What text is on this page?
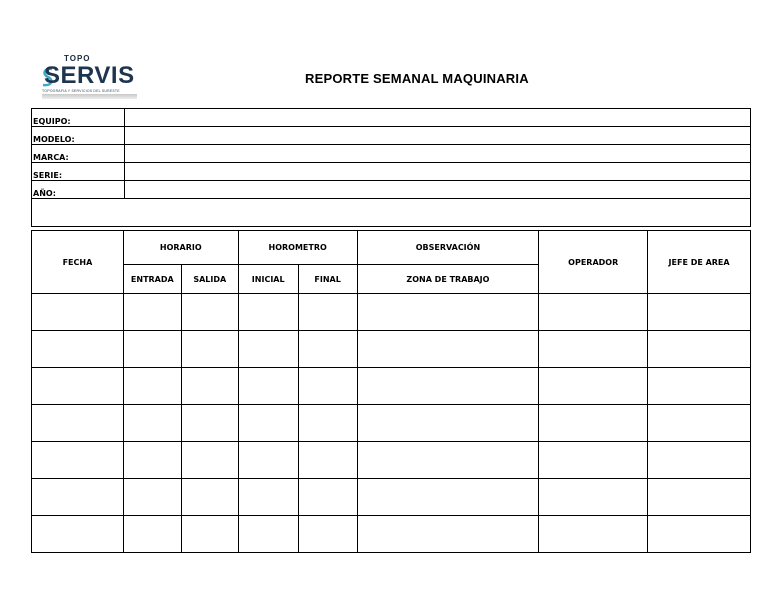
TOPO
SERVIS
TOPOGRAFIA Y SERVICIOS DEL SURESTE
REPORTE SEMANAL MAQUINARIA
EQUIPO:	
MODELO:	
MARCA:	
SERIE:	
AÑO:	

FECHA	HORARIO		HOROMETRO		OBSERVACIÓN	OPERADOR	JEFE DE AREA
	ENTRADA	SALIDA	INICIAL	FINAL	ZONA DE TRABAJO		
